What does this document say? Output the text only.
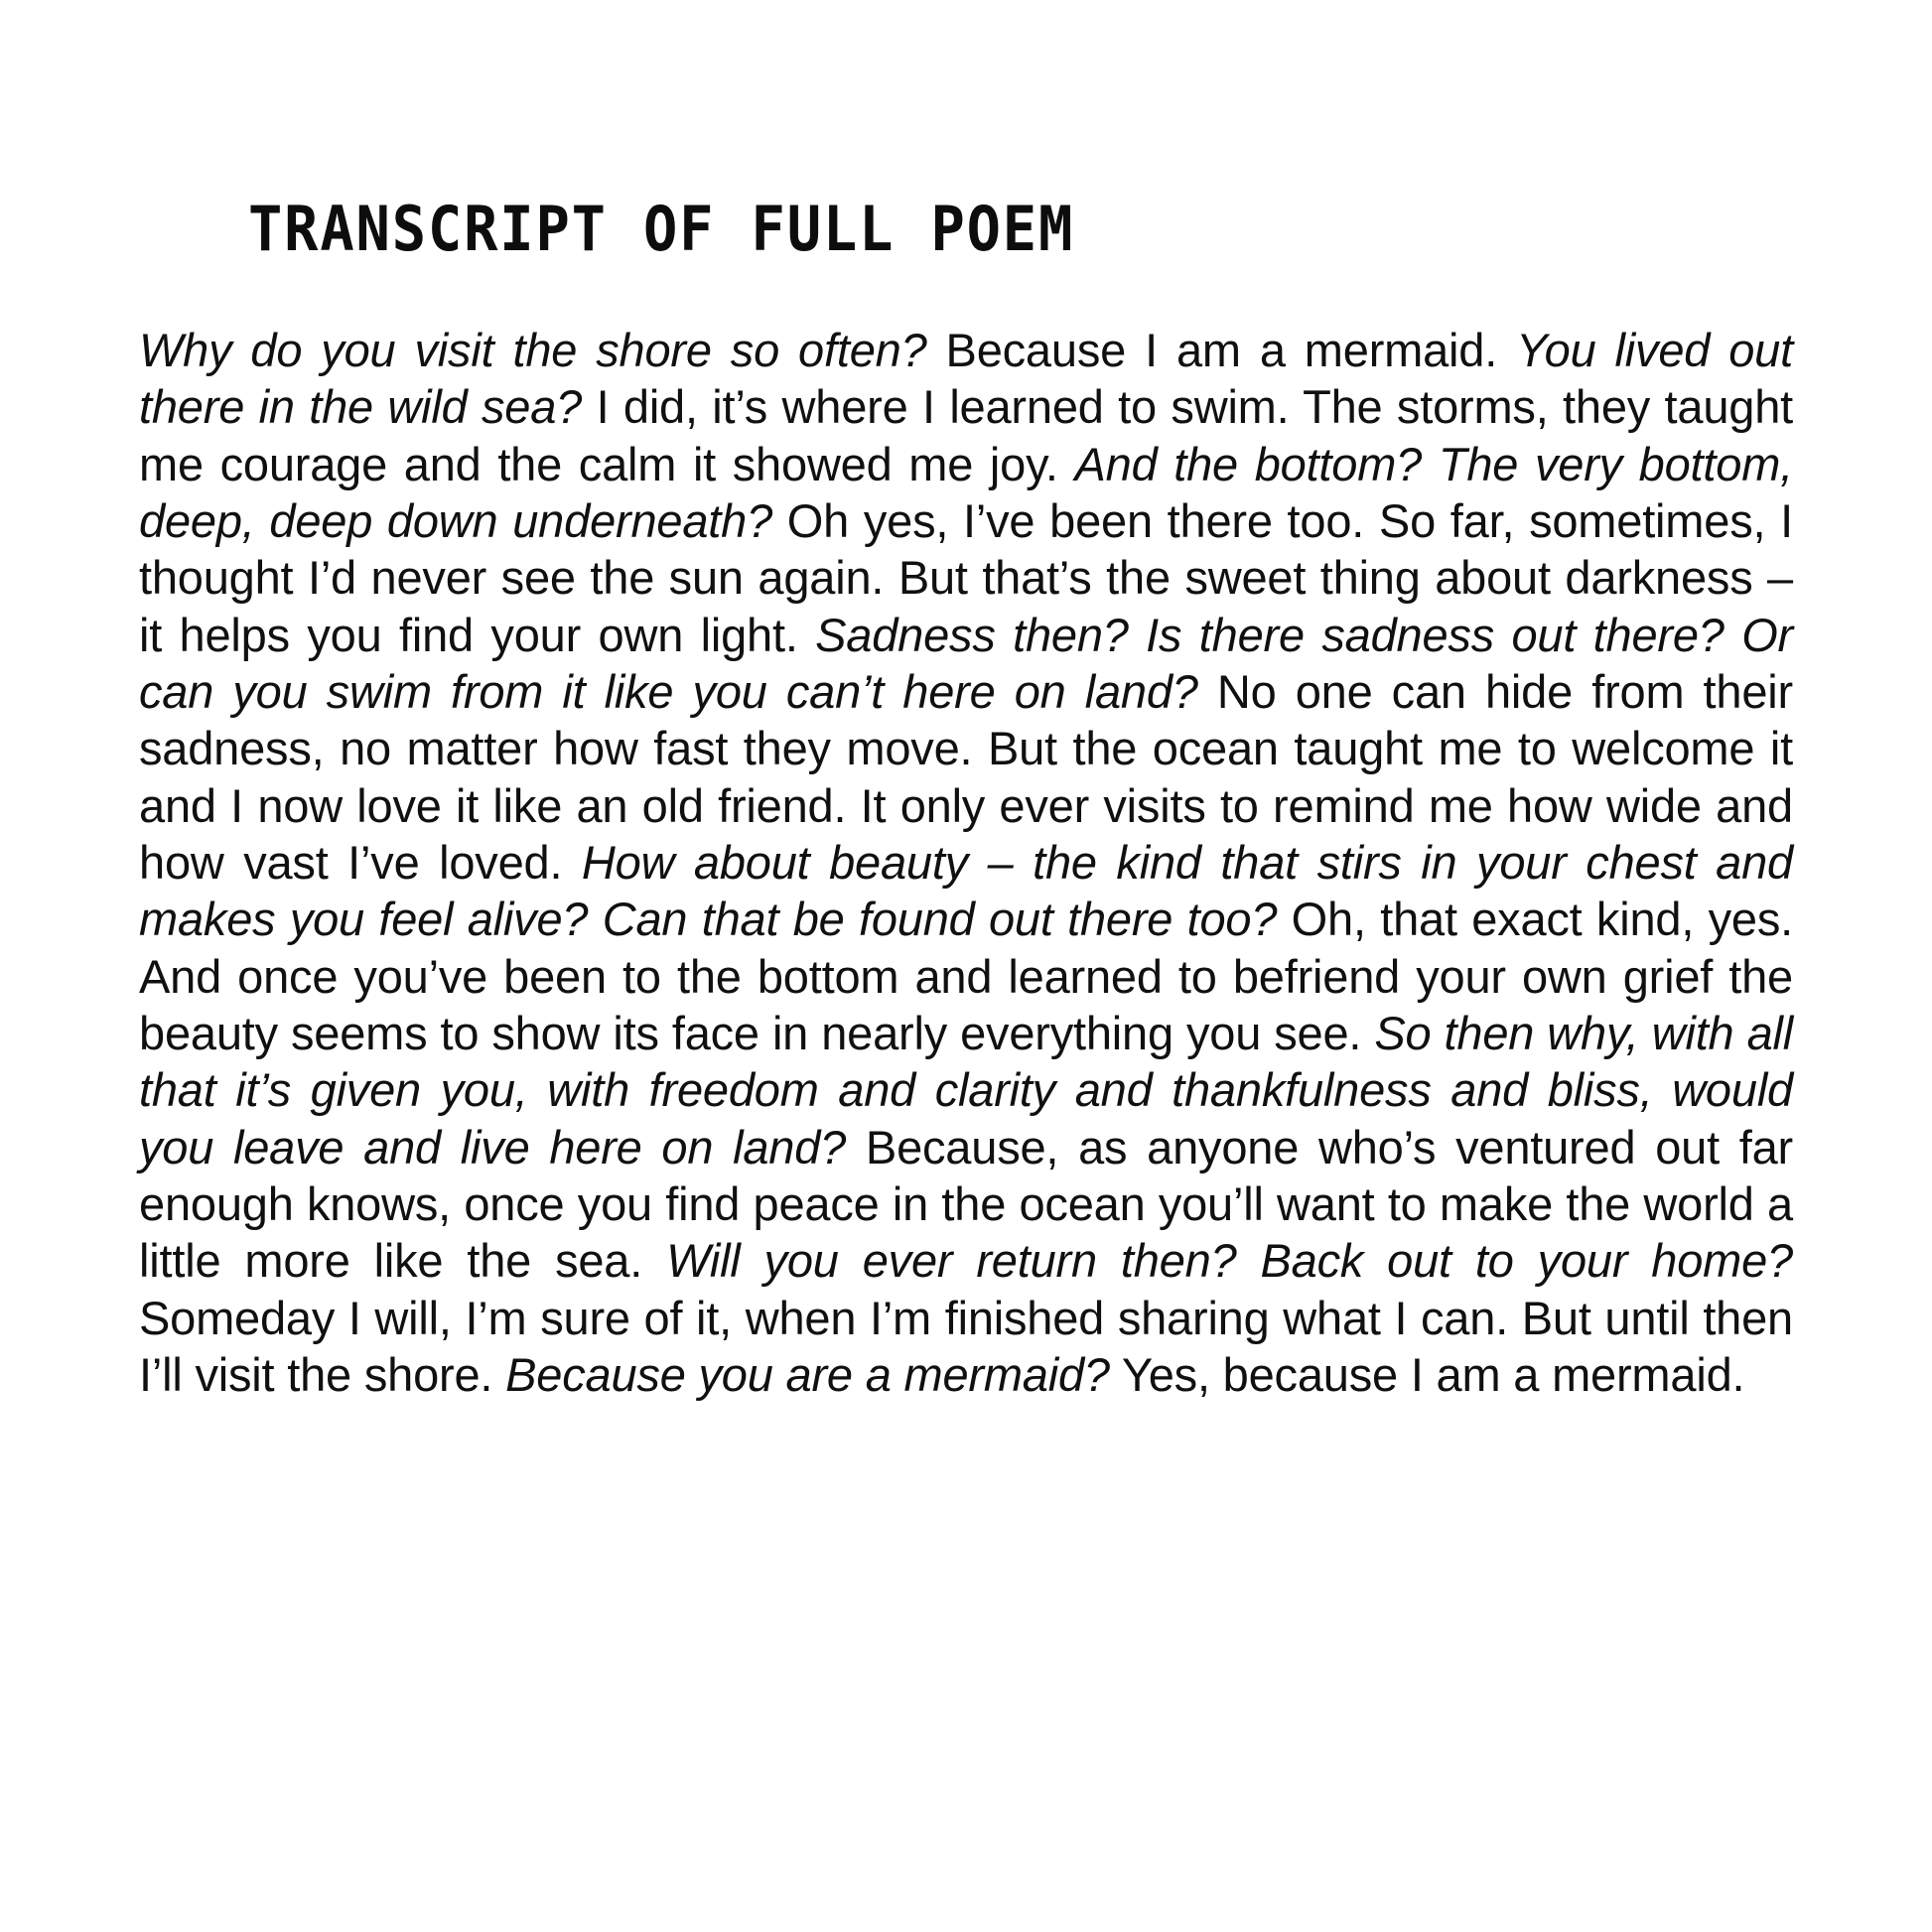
TRANSCRIPT OF FULL POEM

Why do you visit the shore so often? Because I am a mermaid. You lived out there in the wild sea? I did, it’s where I learned to swim. The storms, they taught me courage and the calm it showed me joy. And the bottom? The very bottom, deep, deep down underneath? Oh yes, I’ve been there too. So far, sometimes, I thought I’d never see the sun again. But that’s the sweet thing about darkness – it helps you find your own light. Sadness then? Is there sadness out there? Or can you swim from it like you can’t here on land? No one can hide from their sadness, no matter how fast they move. But the ocean taught me to welcome it and I now love it like an old friend. It only ever visits to remind me how wide and how vast I’ve loved. How about beauty – the kind that stirs in your chest and makes you feel alive? Can that be found out there too? Oh, that exact kind, yes. And once you’ve been to the bottom and learned to befriend your own grief the beauty seems to show its face in nearly everything you see. So then why, with all that it’s given you, with freedom and clarity and thankfulness and bliss, would you leave and live here on land? Because, as anyone who’s ventured out far enough knows, once you find peace in the ocean you’ll want to make the world a little more like the sea. Will you ever return then? Back out to your home? Someday I will, I’m sure of it, when I’m finished sharing what I can. But until then I’ll visit the shore. Because you are a mermaid? Yes, because I am a mermaid.
